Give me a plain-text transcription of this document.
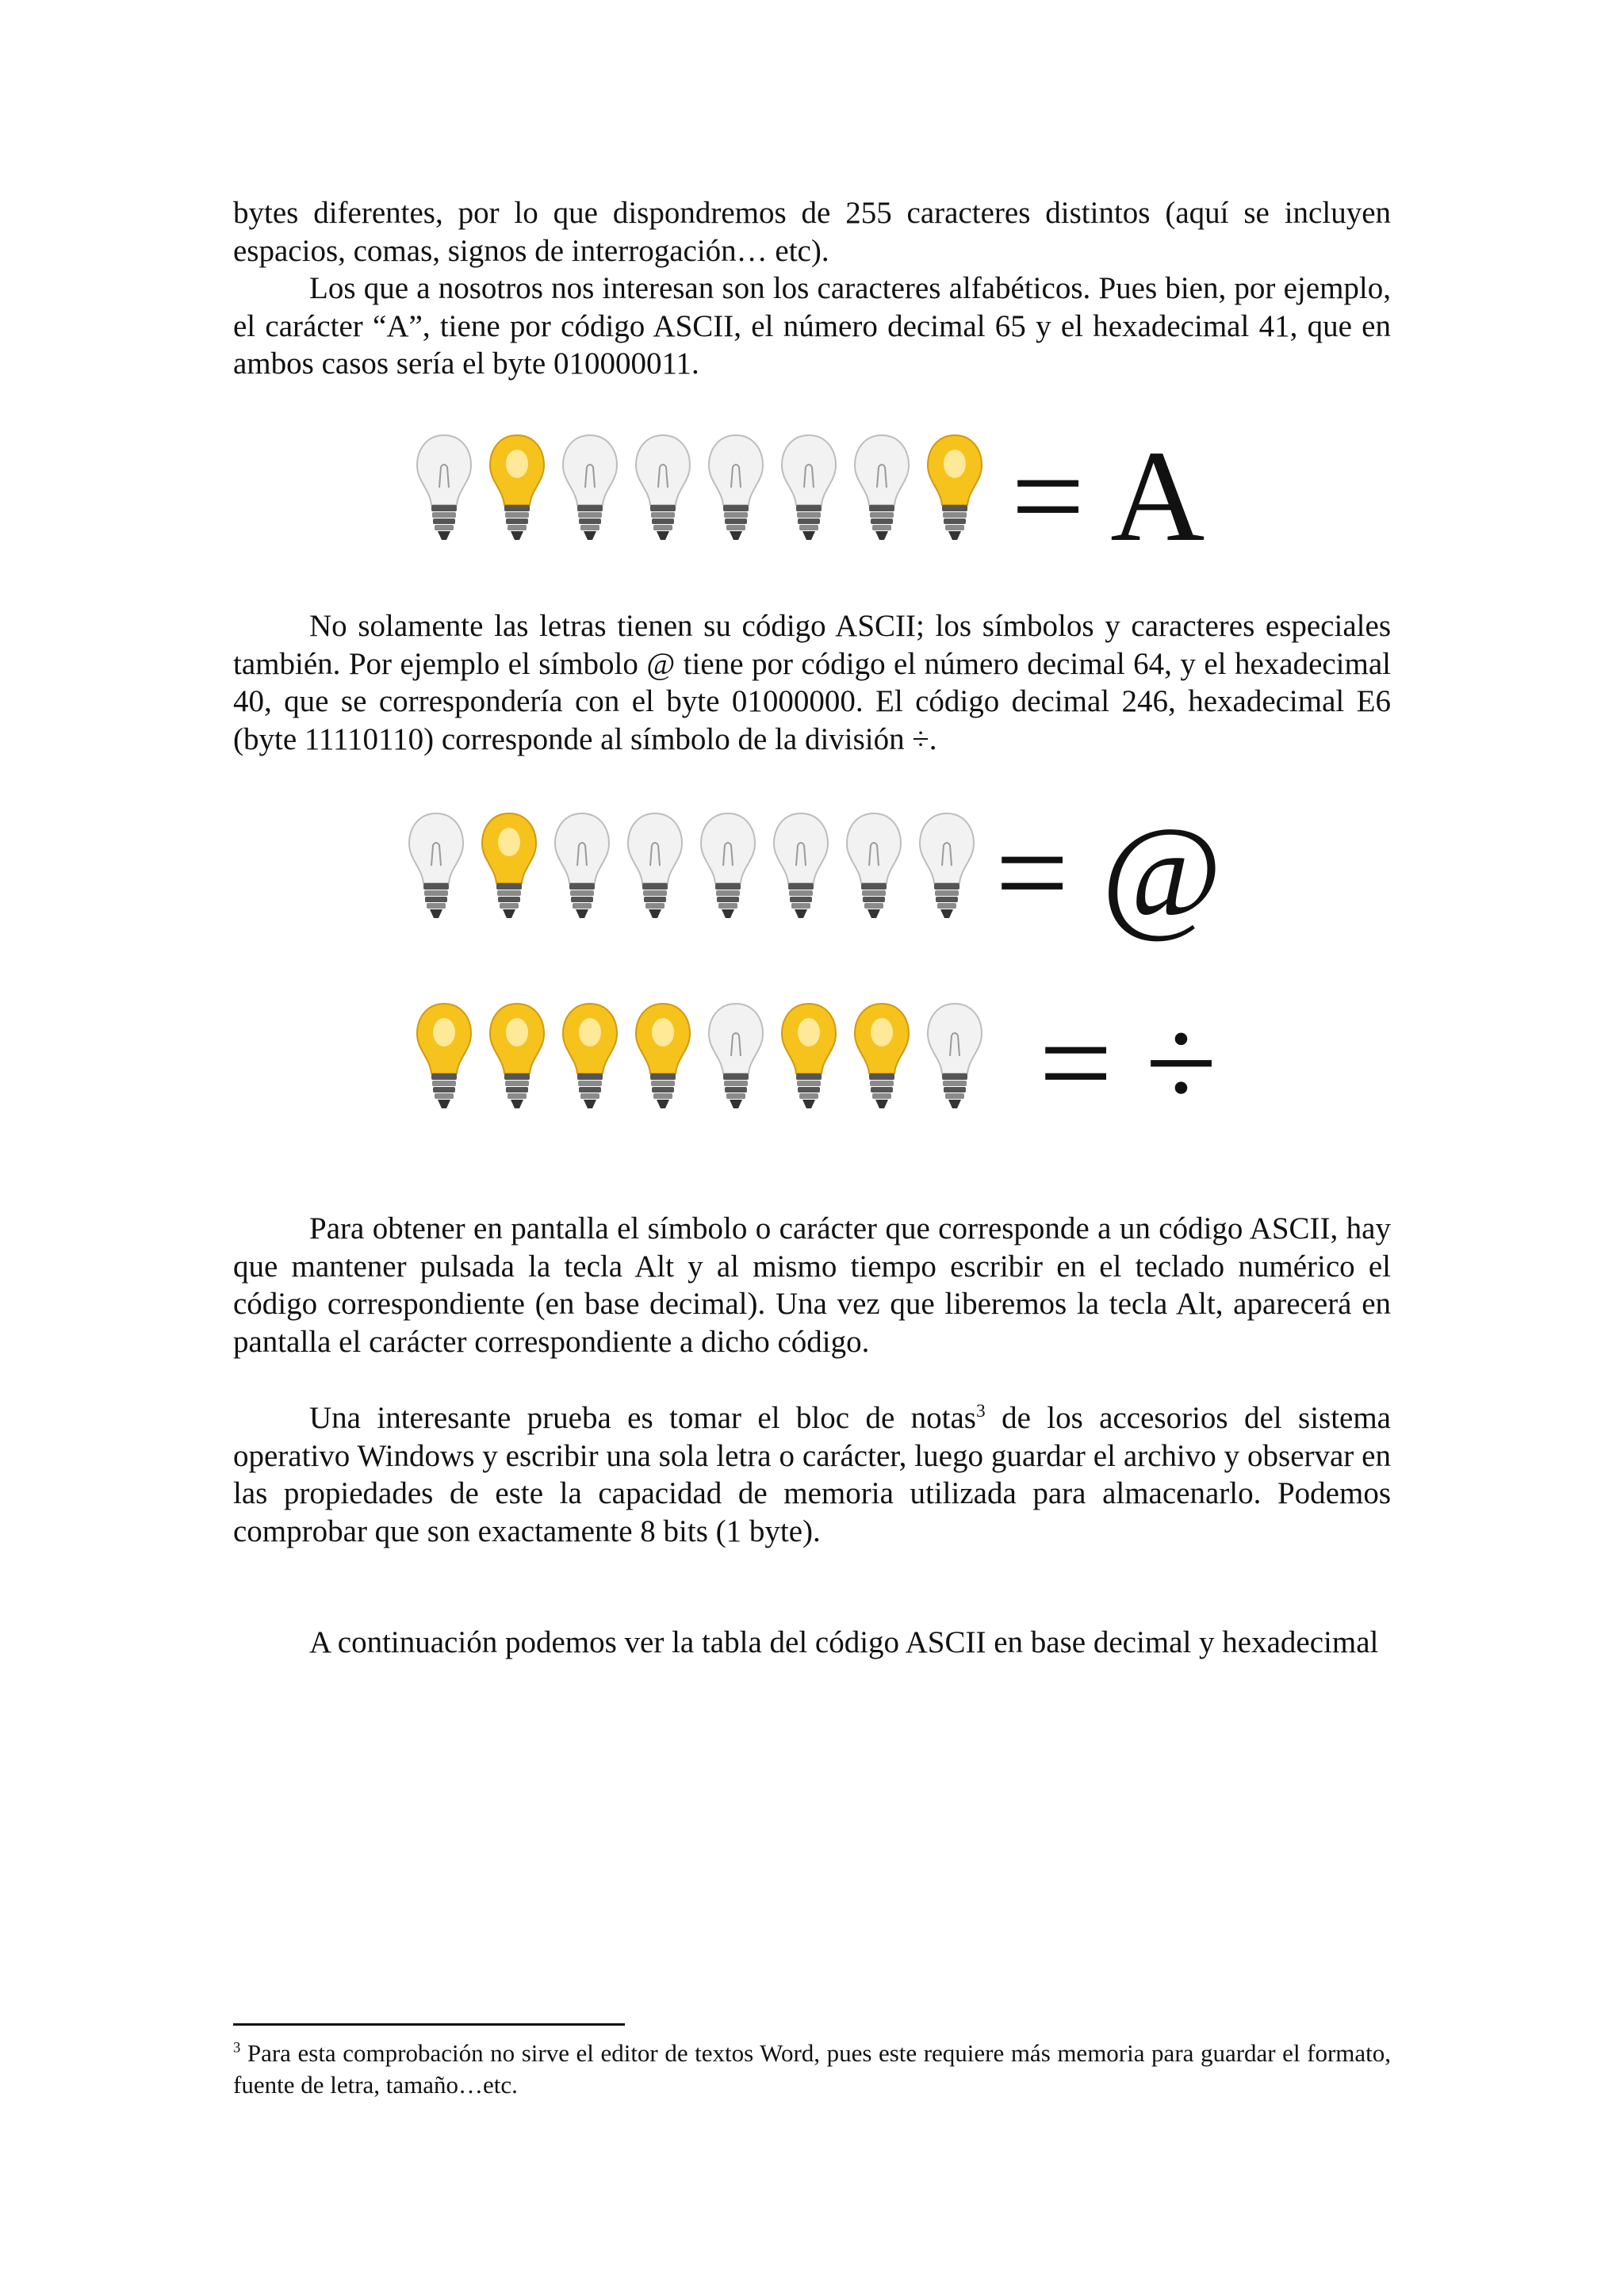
bytes diferentes, por lo que dispondremos de 255 caracteres distintos (aquí se incluyen espacios, comas, signos de interrogación… etc).

Los que a nosotros nos interesan son los caracteres alfabéticos. Pues bien, por ejemplo, el carácter “A”, tiene por código ASCII, el número decimal 65 y el hexadecimal 41, que en ambos casos sería el byte 010000011.

= A

No solamente las letras tienen su código ASCII; los símbolos y caracteres especiales también. Por ejemplo el símbolo @ tiene por código el número decimal 64, y el hexadecimal 40, que se correspondería con el byte 01000000. El código decimal 246, hexadecimal E6 (byte 11110110) corresponde al símbolo de la división ÷.

= @
= ÷

Para obtener en pantalla el símbolo o carácter que corresponde a un código ASCII, hay que mantener pulsada la tecla Alt y al mismo tiempo escribir en el teclado numérico el código correspondiente (en base decimal). Una vez que liberemos la tecla Alt, aparecerá en pantalla el carácter correspondiente a dicho código.

Una interesante prueba es tomar el bloc de notas$^3$ de los accesorios del sistema operativo Windows y escribir una sola letra o carácter, luego guardar el archivo y observar en las propiedades de este la capacidad de memoria utilizada para almacenarlo. Podemos comprobar que son exactamente 8 bits (1 byte).

A continuación podemos ver la tabla del código ASCII en base decimal y hexadecimal

$^3$ Para esta comprobación no sirve el editor de textos Word, pues este requiere más memoria para guardar el formato, fuente de letra, tamaño…etc.
